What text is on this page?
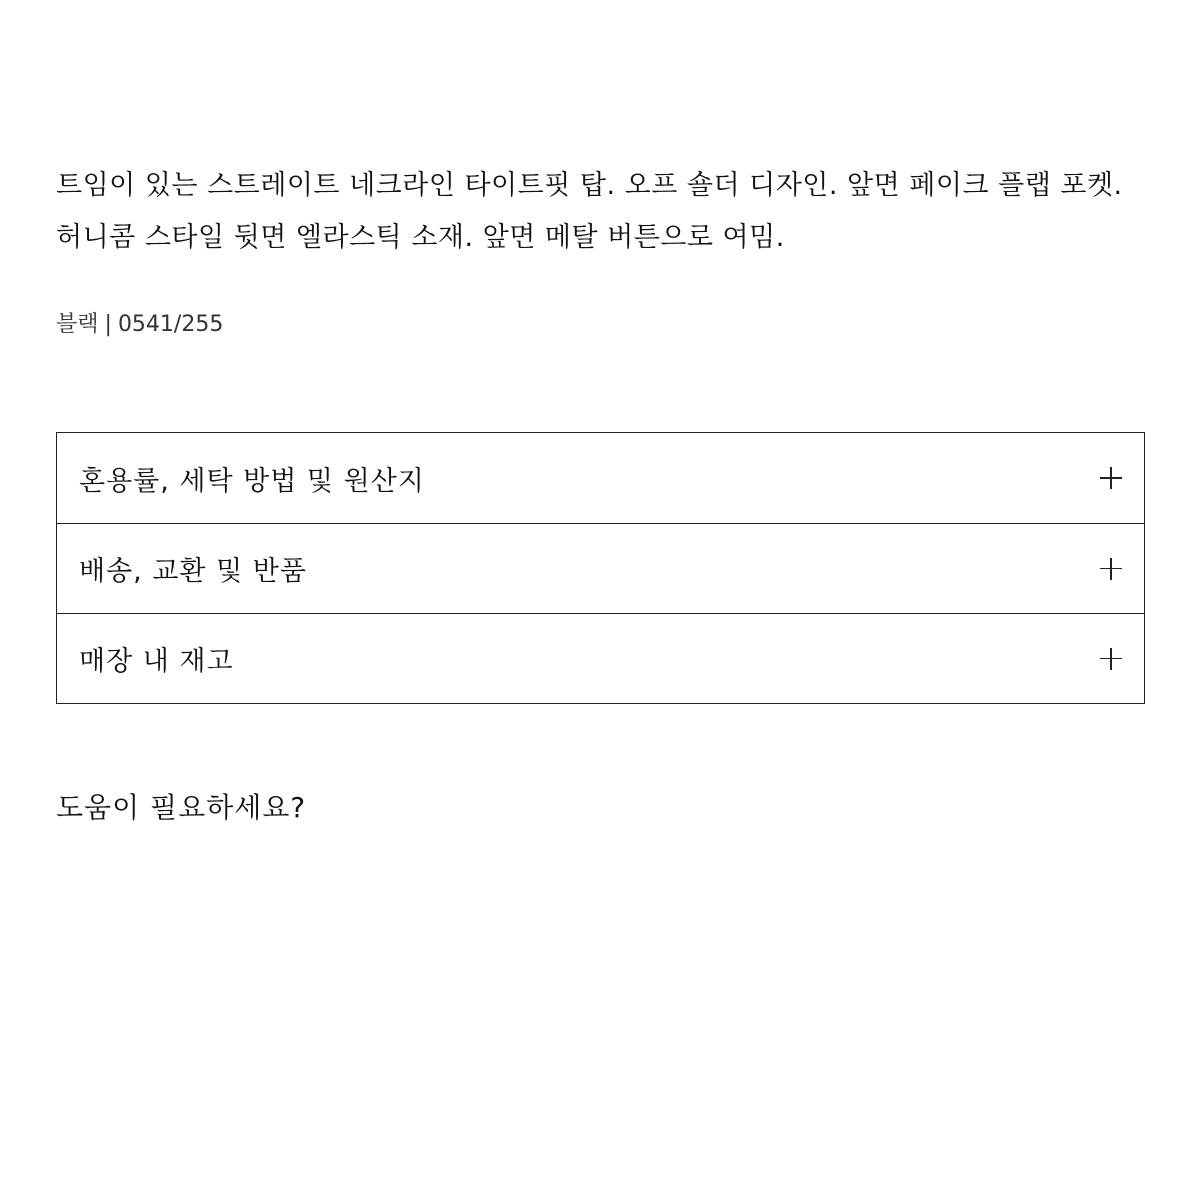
트임이 있는 스트레이트 네크라인 타이트핏 탑. 오프 숄더 디자인. 앞면 페이크 플랩 포켓. 허니콤 스타일 뒷면 엘라스틱 소재. 앞면 메탈 버튼으로 여밈.

블랙 | 0541/255
혼용률, 세탁 방법 및 원산지
배송, 교환 및 반품
매장 내 재고
도움이 필요하세요?
